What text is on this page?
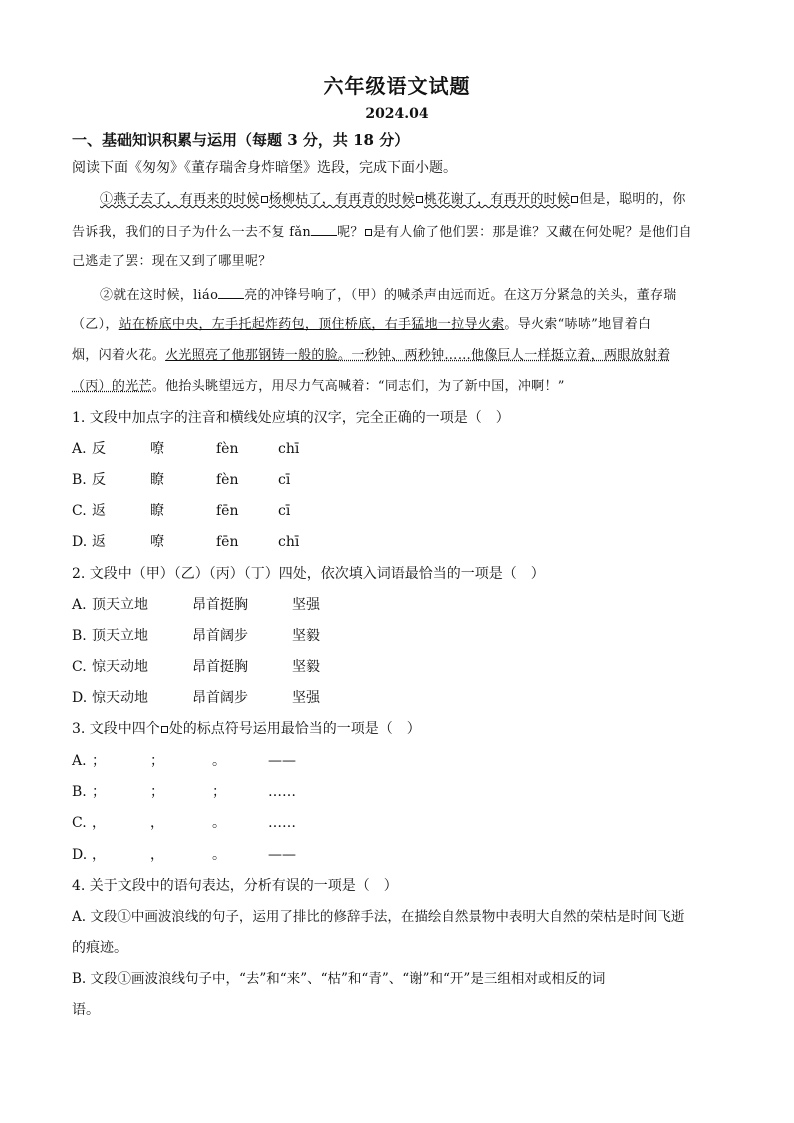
六年级语文试题
2024.04
一、基础知识积累与运用（每题 3 分，共 18 分）
阅读下面《匆匆》《董存瑞舍身炸暗堡》选段，完成下面小题。
①燕子去了，有再来的时候 杨柳枯了，有再青的时候 桃花谢了，有再开的时候 但是，聪明的，你
告诉我，我们的日子为什么一去不复 fǎn 呢？ 是有人偷了他们罢：那是谁？又藏在何处呢？是他们自
己逃走了罢：现在又到了哪里呢？
②就在这时候，liáo 亮的冲锋号响了，（甲）的喊杀声由远而近。在这万分紧急的关头，董存瑞
（乙），站在桥底中央，左手托起炸药包，顶住桥底，右手猛地一拉导火索。导火索“哧哧”地冒着白
烟，闪着火花。火光照亮了他那钢铸一般的脸。一秒钟、两秒钟……他像巨人一样挺立着，两眼放射着
（丙）的光芒。他抬头眺望远方，用尽力气高喊着：“同志们，为了新中国，冲啊！”
1. 文段中加点字的注音和横线处应填的汉字，完全正确的一项是（　）
A. 反	嘹	fèn	chī
B. 反	瞭	fèn	cī
C. 返	瞭	fēn	cī
D. 返	嘹	fēn	chī
2. 文段中（甲）（乙）（丙）（丁）四处，依次填入词语最恰当的一项是（　）
A. 顶天立地	昂首挺胸	坚强
B. 顶天立地	昂首阔步	坚毅
C. 惊天动地	昂首挺胸	坚毅
D. 惊天动地	昂首阔步	坚强
3. 文段中四个 处的标点符号运用最恰当的一项是（　）
A. ；	；	。	——
B. ；	；	；	……
C. ，	，	。	……
D. ，	，	。	——
4. 关于文段中的语句表达，分析有误的一项是（　）
A. 文段①中画波浪线的句子，运用了排比的修辞手法，在描绘自然景物中表明大自然的荣枯是时间飞逝
的痕迹。
B. 文段①画波浪线句子中，“去”和“来”、“枯”和“青”、“谢”和“开”是三组相对或相反的词
语。
